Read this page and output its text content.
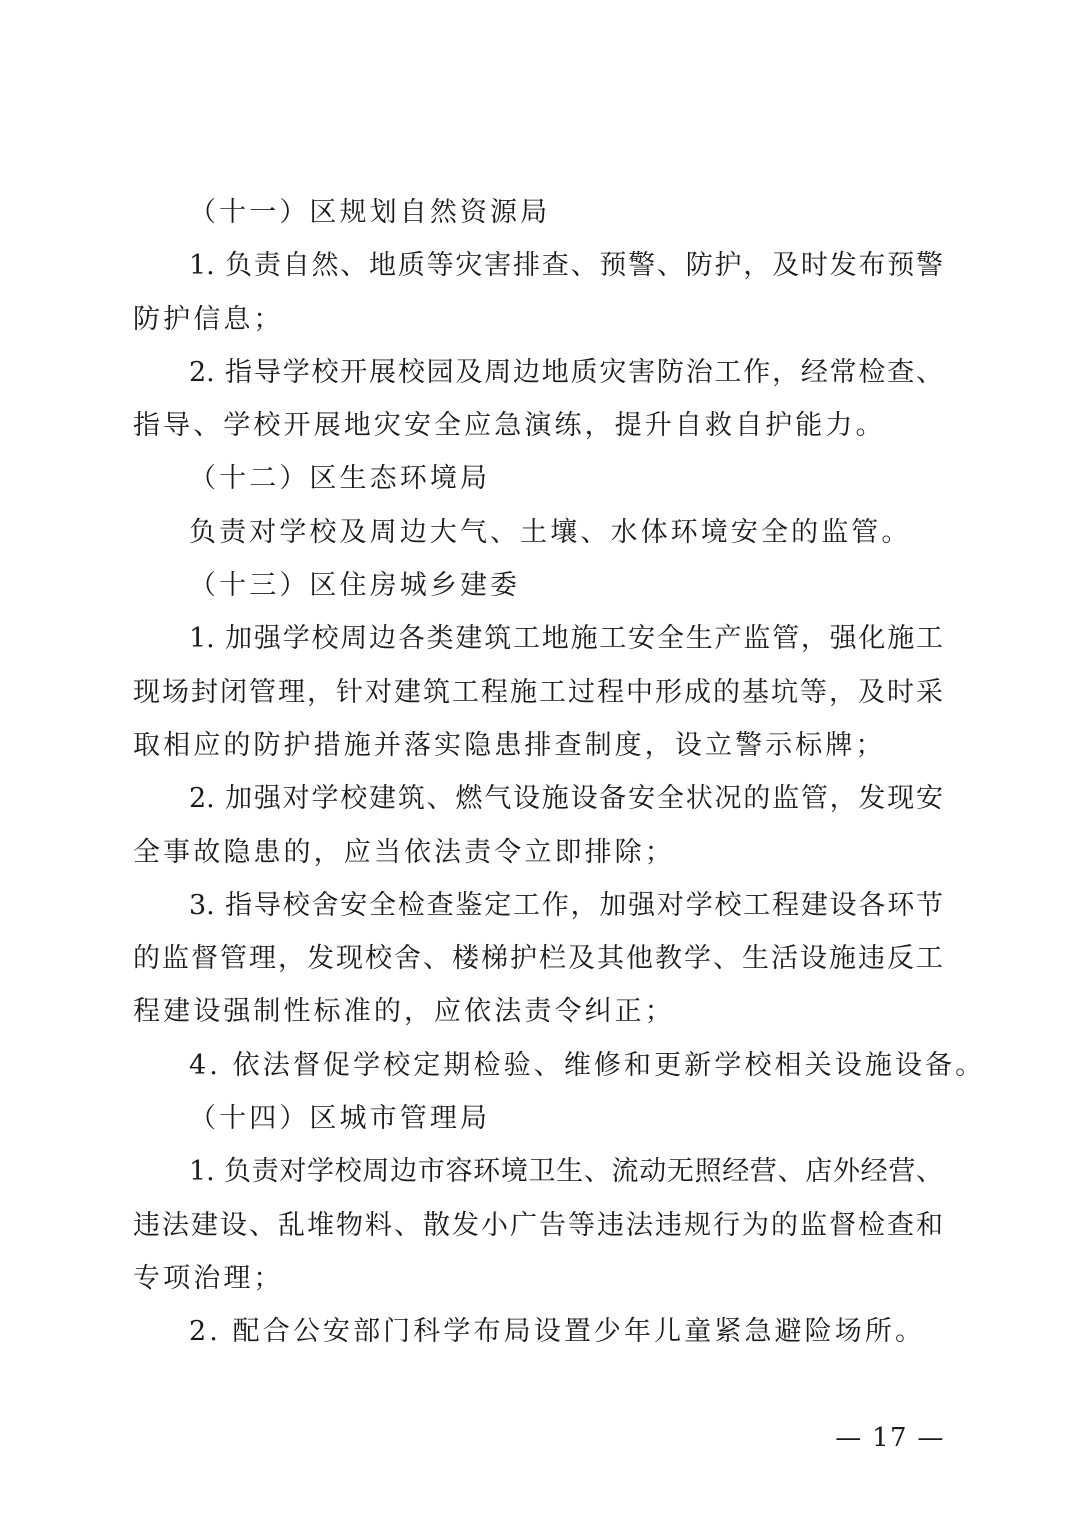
（十一）区规划自然资源局
1. 负责自然、地质等灾害排查、预警、防护，及时发布预警
防护信息；
2. 指导学校开展校园及周边地质灾害防治工作，经常检查、
指导、学校开展地灾安全应急演练，提升自救自护能力。
（十二）区生态环境局
负责对学校及周边大气、土壤、水体环境安全的监管。
（十三）区住房城乡建委
1. 加强学校周边各类建筑工地施工安全生产监管，强化施工
现场封闭管理，针对建筑工程施工过程中形成的基坑等，及时采
取相应的防护措施并落实隐患排查制度，设立警示标牌；
2. 加强对学校建筑、燃气设施设备安全状况的监管，发现安
全事故隐患的，应当依法责令立即排除；
3. 指导校舍安全检查鉴定工作，加强对学校工程建设各环节
的监督管理，发现校舍、楼梯护栏及其他教学、生活设施违反工
程建设强制性标准的，应依法责令纠正；
4. 依法督促学校定期检验、维修和更新学校相关设施设备。
（十四）区城市管理局
1. 负责对学校周边市容环境卫生、流动无照经营、店外经营、
违法建设、乱堆物料、散发小广告等违法违规行为的监督检查和
专项治理；
2. 配合公安部门科学布局设置少年儿童紧急避险场所。
— 17 —
